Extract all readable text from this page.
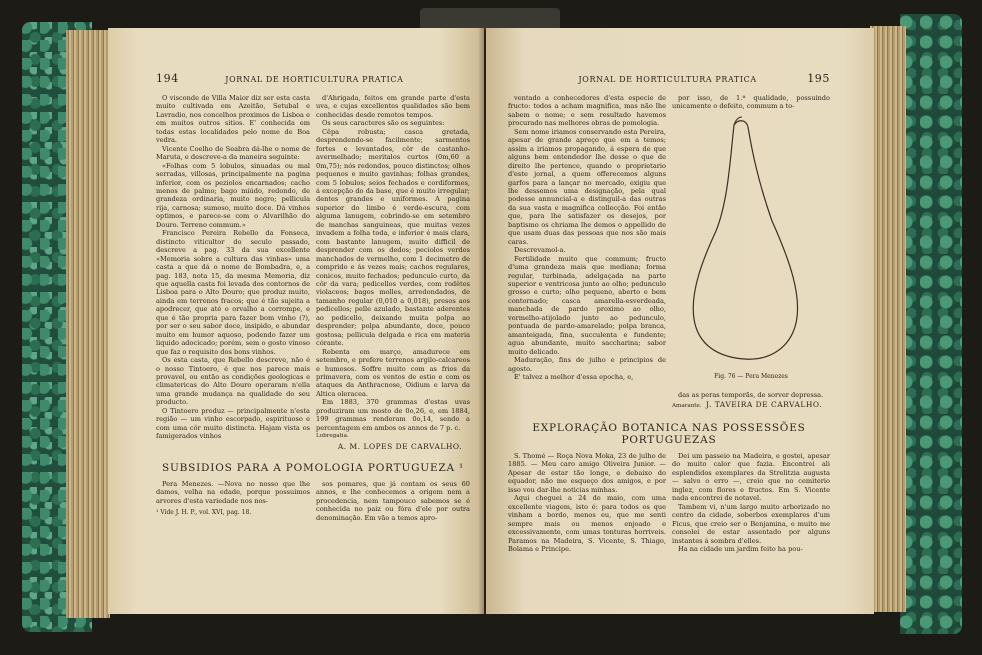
194	JORNAL DE HORTICULTURA PRATICA

O visconde de Villa Maior diz ser esta casta muito cultivada em Azeitão, Setubal e Lavradio, nos concelhos proximos de Lisboa e em muitos outros sitios. E' conhecida em todas estas localidades pelo nome de Boa vedra.

Vicente Coelho de Seabra dá-lhe o nome de Maruta, e descreve-a da maneira seguinte:

«Folhas com 5 lobulos, sinuadas ou mal serradas, villosas, principalmente na pagina inferior, com os peziolos encarnados; cacho menos de palmo; bago miúdo, redondo, de grandeza ordinaria, muito negro; pellicula rija, carnosa; sumoso, muito doce. Dá vinhos optimos, e parece-se com o Alvarilhão do Douro. Terreno commum.»

Francisco Pereira Rebello da Fonseca, distincto viticultor do seculo passado, descreve a pag. 33 da sua excellente «Memoria sobre a cultura das vinhas» uma casta a que dá o nome de Bombadra, e, a pag. 183, nota 15, da mesma Memoria, diz que aquella casta foi levada dos contornos de Lisboa para o Alto Douro; que produz muito, ainda em terrenos fracos; que é tão sujeita a apodrecer, que até o orvalho a corrompe, e que é tão propria para fazer bom vinho (?), por ser o seu sabor doce, insipido, e abundar muito em humor aquoso, podendo fazer um liquido adocicado; porém, sem o gosto vinoso que faz o requisito dos bons vinhos.

Os esta casta, que Rebello descreve, não é o nosso Tintoero, é que nos parece mais provavel, ou então as condições geologicas e climatericas do Alto Douro operaram n'ella uma grande mudança na qualidade do seu producto.

O Tintoero produz — principalmente n'esta região — um vinho escorpado, espirituoso e com uma côr muito distincta. Hajam vista os famigerados vinhos

d'Ahrigada, feitos em grande parte d'esta uva, e cujas excellentes qualidades são bem conhecidas desde remotos tempos.

Os seus caracteres são os seguintes:

Cêpa robusta; casca gretada, desprendendo-se facilmente; sarmentos fortes e levantados, côr de castanho-avermelhado; meritalos curtos (0m,60 a 0m,75); nós redondos, pouco distinctos; olhos pequenos e muito gavinhas; folhas grandes, com 5 lobulos; seios fechados e cordiformes, á excepção do da base, que é muito irregular; dentes grandes e uniformes. A pagina superior do limbo é verde-escura, com alguma lanugem, cobrindo-se em setembro de manchas sanguineas, que muitas vezes invadem a folha toda, e inferior é mais clara, com bastante lanugem, muito difficil de desprender com os dedos; peciolos verdes manchados de vermelho, com 1 decimetro de comprido e ás vezes mais; cachos regulares, conicos, muito fechados; pedunculo curto, da côr da vara; pedicellos verdes, com rodêtes violaceos; bagos molles, arredondados, de tamanho regular (0,010 a 0,018), presos aos pedicellos; pelle azulado, bastante aderentes ao pedicello, deixando muita polpa ao desprender; polpa abundante, doce, pouco gostosa; pellicula delgada e rica em materia córante.

Rebenta em março, amadurece em setembro, e prefere terrenos argilo-calcareos e humosos. Soffre muito com as frios da primavera, com os ventos de estio e com os ataques da Anthracnose, Oidium e larva da Altica oleracea.

Em 1883, 370 grammas d'estas uvas produziram um mosto de 0o,26, e, em 1884, 199 grammas renderam 0o,14, sendo a percentagem em ambos os annos de 7 p. c.

Lobregatia.
A. M. LOPES DE CARVALHO.
SUBSIDIOS PARA A POMOLOGIA PORTUGUEZA ¹

Pera Menezes. —Nova no nosso que lhe damos, velha na edade, porque possuimos arvores d'esta variedade nos nos-

¹ Vide J. H. P., vol. XVI, pag. 18.

sos pomares, que já contam os seus 60 annos, e lhe conhecemos a origem nem a procedencia, nem tampouco sabemos se é conhecida no paiz ou fóra d'ele por outra denominação. Em vão a temos apro-

JORNAL DE HORTICULTURA PRATICA	195

ventado a conhecedores d'esta especie de fructo: todos a acham magnifica, mas não lhe sabem o nome; e sem resultado havemos procurado nas melhores obras de pomologia.

Sem nome iriamos conservando esta Pereira, apesar de grande apreço que em a temos; assim a iriamos propagando, á espera de que alguns bem entendedor lhe desse o que de direito lhe pertence, quando o proprietario d'este jornal, a quem offerecemos alguns garfos para a lançar no mercado, exigiu que lhe dessemos uma designação, pela qual podesse annuncial-a e distinguil-a das outras da sua vasta e magnifica collecção. Foi então que, para lhe satisfazer os desejos, por baptismo os chriama lhe demos o appellido de que usam duas das pessoas que nos são mais caras.

Descrevamol-a.

Fertilidade muito que commum; fructo d'uma grandeza mais que mediana; forma regular, turbinada, adelgaçada na parte superior e ventricosa junto ao olho; pedunculo grosso e curto; olho pequeno, aberto e bem contornado; casca amarella-esverdeada, manchada de pardo proximo ao olho, vermelho-atijolado junto ao pedunculo, pontuada de pardo-amarelado; polpa branca, amanteigada, fina, succulenta e fundente; agua abundante, muito saccharina; sabor muito delicado.

Maduração, fins de julho e principios de agosto.

E' talvez a melhor d'essa epocha, e,

por isso, de 1.ª qualidade, possuindo unicamente o defeito, commum a to-

Fig. 76 — Pera Menezes

das as peras temporãs, de sorver depressa.

Amarante. J. TAVEIRA DE CARVALHO.
EXPLORAÇÃO BOTANICA NAS POSSESSÕES PORTUGUEZAS

S. Thomé — Roça Nova Moka, 23 de julho de 1885. — Meu caro amigo Oliveira Junior. — Apesar de estar tão longe, e debaixo do equador, não me esqueço dos amigos, e por isso vou dar-lhe noticias minhas.

Aqui cheguei a 24 de maio, com uma excellente viagem, isto é: para todos os que vinham a bordo, menos eu, que me senti sempre mais ou menos enjoado e excessivamente, com umas tonturas horriveis. Paramos na Madeira, S. Vicente, S. Thiago, Bolama e Principe.

Dei um passeio na Madeira, e gostei, apesar do muito calor que fazia. Encontrei ali esplendidos exemplares da Strelitzia augusta — salvo o erro —, creio que no cemiterio inglez, com flores e fructos. Em S. Vicente nada encontrei de notavel.

Tambem vi, n'um largo muito arborizado no centro da cidade, soberbos exemplares d'um Ficus, que creio ser o Benjamina, e muito me consolei de estar assentado por alguns instantes á sombra d'elles.

Ha na cidade um jardim feito ha pou-
